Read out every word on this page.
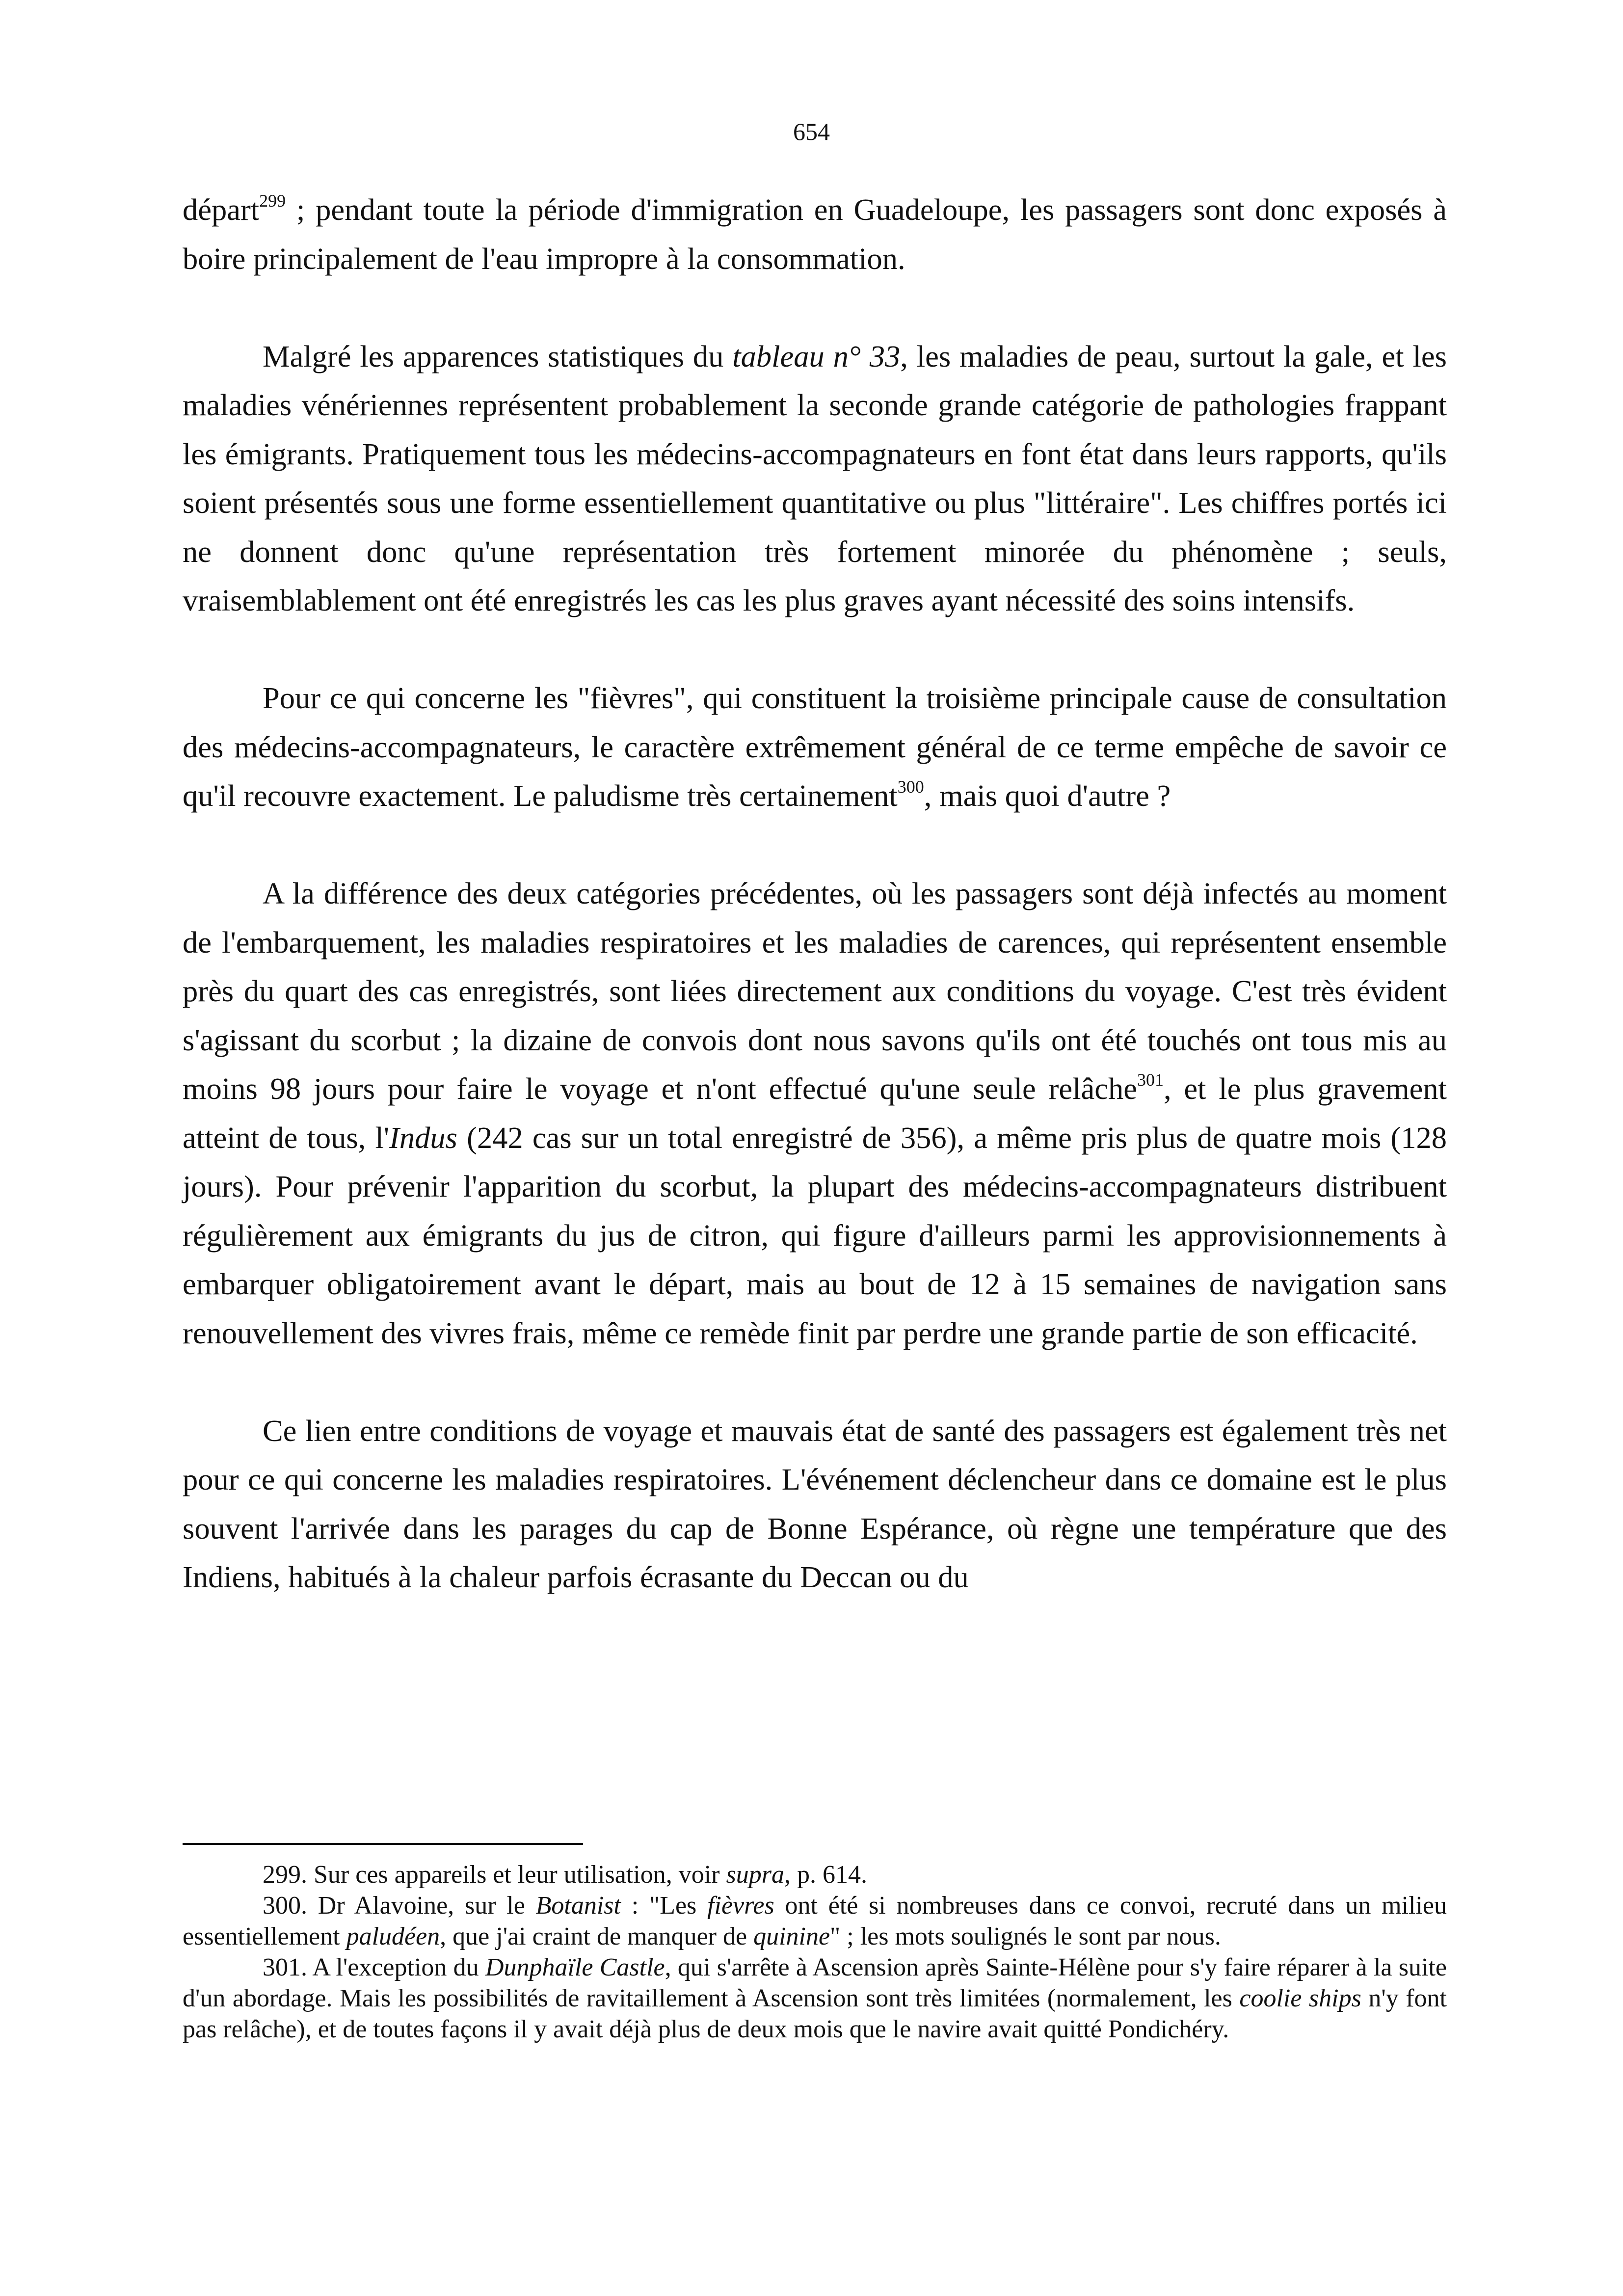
654

départ$^{299}$ ; pendant toute la période d'immigration en Guadeloupe, les passagers sont donc exposés à boire principalement de l'eau impropre à la consommation.

Malgré les apparences statistiques du tableau n° 33, les maladies de peau, surtout la gale, et les maladies vénériennes représentent probablement la seconde grande catégorie de pathologies frappant les émigrants. Pratiquement tous les médecins-accompagnateurs en font état dans leurs rapports, qu'ils soient présentés sous une forme essentiellement quantitative ou plus "littéraire". Les chiffres portés ici ne donnent donc qu'une représentation très fortement minorée du phénomène ; seuls, vraisemblablement ont été enregistrés les cas les plus graves ayant nécessité des soins intensifs.

Pour ce qui concerne les "fièvres", qui constituent la troisième principale cause de consultation des médecins-accompagnateurs, le caractère extrêmement général de ce terme empêche de savoir ce qu'il recouvre exactement. Le paludisme très certainement$^{300}$, mais quoi d'autre ?

A la différence des deux catégories précédentes, où les passagers sont déjà infectés au moment de l'embarquement, les maladies respiratoires et les maladies de carences, qui représentent ensemble près du quart des cas enregistrés, sont liées directement aux conditions du voyage. C'est très évident s'agissant du scorbut ; la dizaine de convois dont nous savons qu'ils ont été touchés ont tous mis au moins 98 jours pour faire le voyage et n'ont effectué qu'une seule relâche$^{301}$, et le plus gravement atteint de tous, l'Indus (242 cas sur un total enregistré de 356), a même pris plus de quatre mois (128 jours). Pour prévenir l'apparition du scorbut, la plupart des médecins-accompagnateurs distribuent régulièrement aux émigrants du jus de citron, qui figure d'ailleurs parmi les approvisionnements à embarquer obligatoirement avant le départ, mais au bout de 12 à 15 semaines de navigation sans renouvellement des vivres frais, même ce remède finit par perdre une grande partie de son efficacité.

Ce lien entre conditions de voyage et mauvais état de santé des passagers est également très net pour ce qui concerne les maladies respiratoires. L'événement déclencheur dans ce domaine est le plus souvent l'arrivée dans les parages du cap de Bonne Espérance, où règne une température que des Indiens, habitués à la chaleur parfois écrasante du Deccan ou du

299. Sur ces appareils et leur utilisation, voir supra, p. 614.

300. Dr Alavoine, sur le Botanist : "Les fièvres ont été si nombreuses dans ce convoi, recruté dans un milieu essentiellement paludéen, que j'ai craint de manquer de quinine" ; les mots soulignés le sont par nous.

301. A l'exception du Dunphaïle Castle, qui s'arrête à Ascension après Sainte-Hélène pour s'y faire réparer à la suite d'un abordage. Mais les possibilités de ravitaillement à Ascension sont très limitées (normalement, les coolie ships n'y font pas relâche), et de toutes façons il y avait déjà plus de deux mois que le navire avait quitté Pondichéry.
